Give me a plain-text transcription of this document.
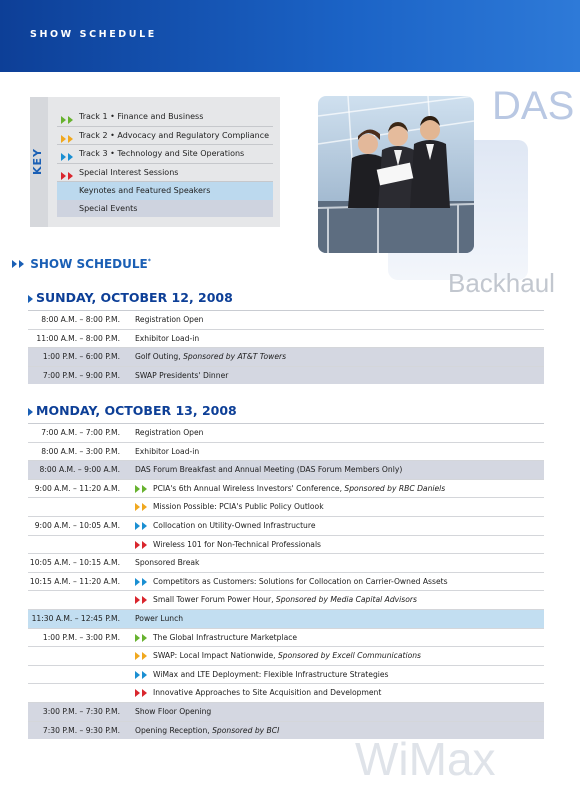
SHOW SCHEDULE
DAS
Backhaul
KEY
Track 1 • Finance and Business
Track 2 • Advocacy and Regulatory Compliance
Track 3 • Technology and Site Operations
Special Interest Sessions
Keynotes and Featured Speakers
Special Events
SHOW SCHEDULE*
SUNDAY, OCTOBER 12, 2008
8:00 A.M. – 8:00 P.M. Registration Open
11:00 A.M. – 8:00 P.M. Exhibitor Load-in
1:00 P.M. – 6:00 P.M. Golf Outing, Sponsored by AT&T Towers
7:00 P.M. – 9:00 P.M. SWAP Presidents' Dinner
MONDAY, OCTOBER 13, 2008
7:00 A.M. – 7:00 P.M. Registration Open
8:00 A.M. – 3:00 P.M. Exhibitor Load-in
8:00 A.M. – 9:00 A.M. DAS Forum Breakfast and Annual Meeting (DAS Forum Members Only)
9:00 A.M. – 11:20 A.M.	PCIA's 6th Annual Wireless Investors' Conference, Sponsored by RBC Daniels
Mission Possible: PCIA's Public Policy Outlook
9:00 A.M. – 10:05 A.M.	Collocation on Utility-Owned Infrastructure
Wireless 101 for Non-Technical Professionals
10:05 A.M. – 10:15 A.M. Sponsored Break
10:15 A.M. – 11:20 A.M.	Competitors as Customers: Solutions for Collocation on Carrier-Owned Assets
Small Tower Forum Power Hour, Sponsored by Media Capital Advisors
11:30 A.M. – 12:45 P.M. Power Lunch
1:00 P.M. – 3:00 P.M.	The Global Infrastructure Marketplace
SWAP: Local Impact Nationwide, Sponsored by Excell Communications
WiMax and LTE Deployment: Flexible Infrastructure Strategies
Innovative Approaches to Site Acquisition and Development
3:00 P.M. – 7:30 P.M. Show Floor Opening
7:30 P.M. – 9:30 P.M. Opening Reception, Sponsored by BCI
WiMax
